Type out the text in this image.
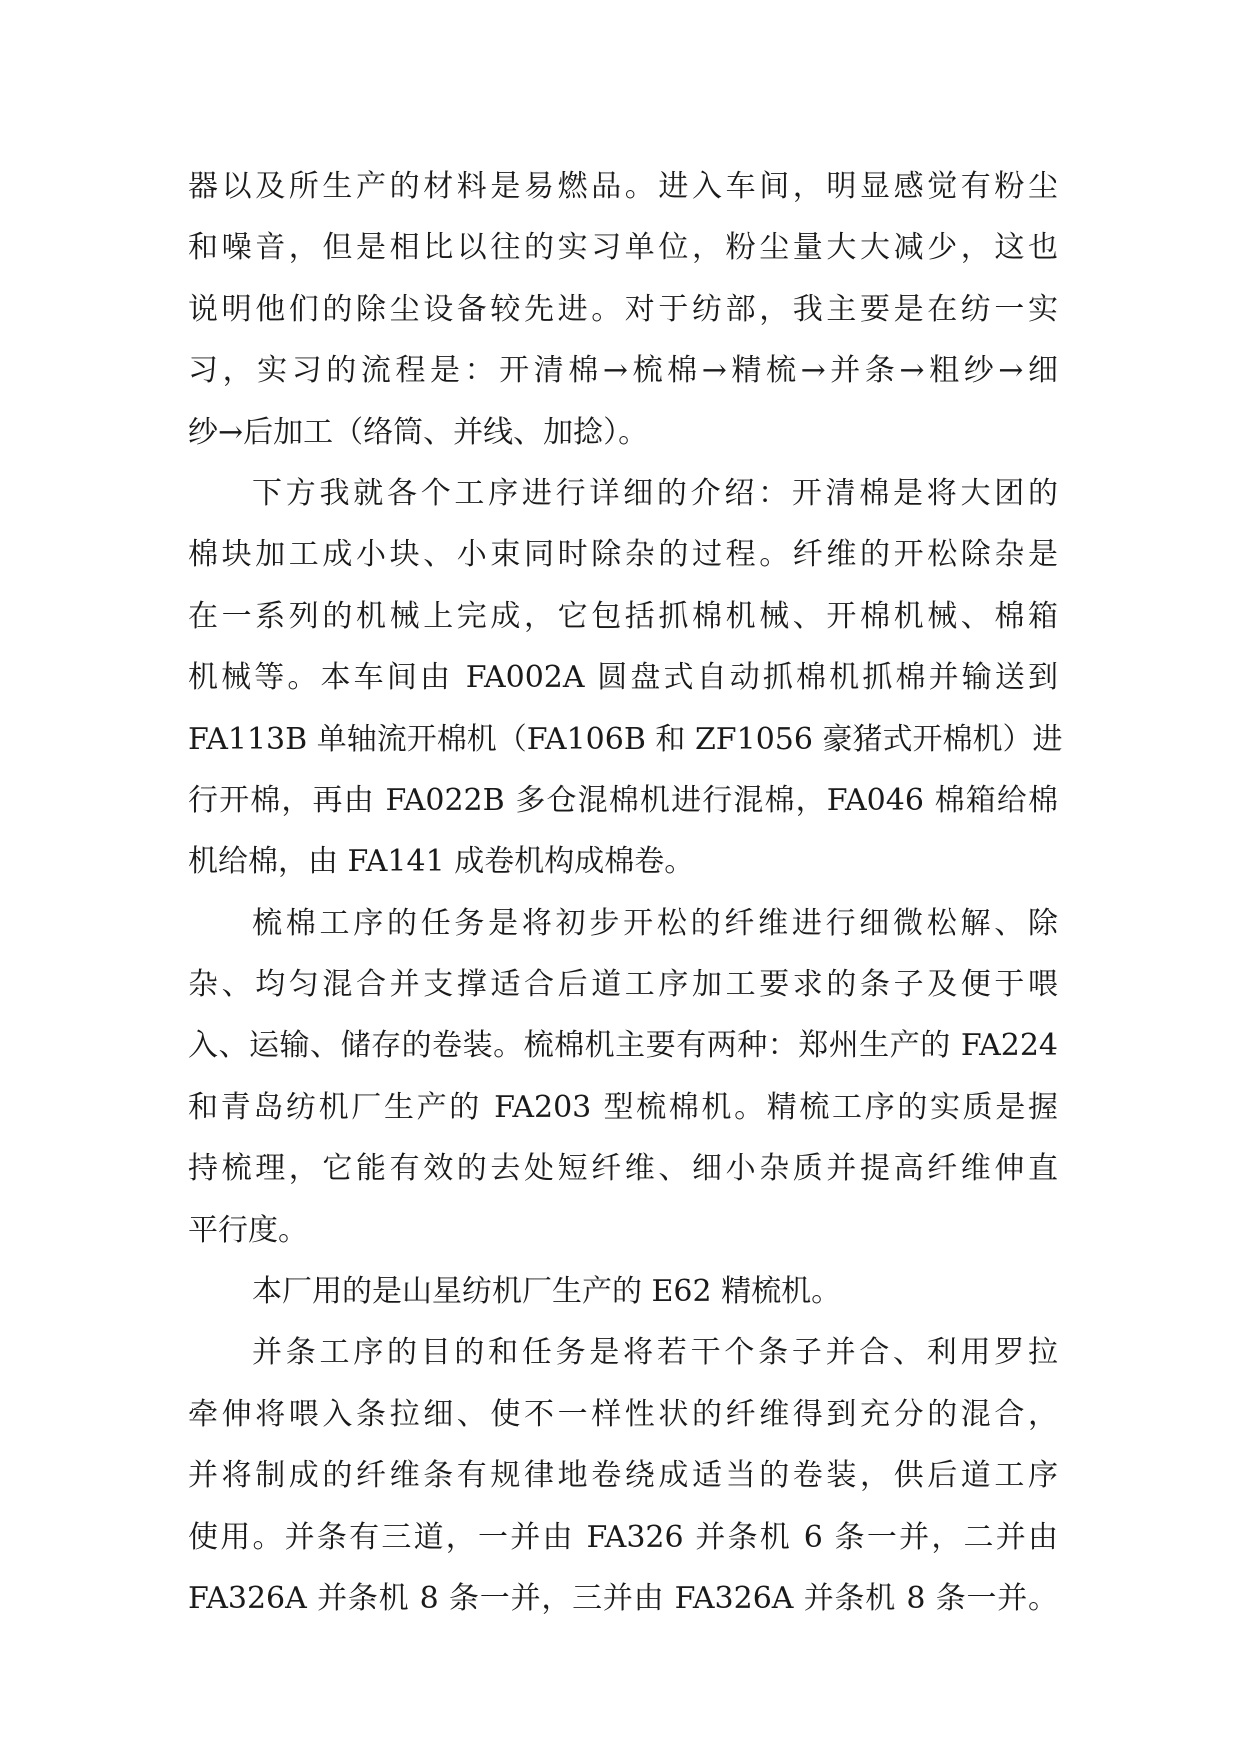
器以及所生产的材料是易燃品。进入车间，明显感觉有粉尘
和噪音，但是相比以往的实习单位，粉尘量大大减少，这也
说明他们的除尘设备较先进。对于纺部，我主要是在纺一实
习，实习的流程是：开清棉→梳棉→精梳→并条→粗纱→细
纱→后加工（络筒、并线、加捻）。
下方我就各个工序进行详细的介绍：开清棉是将大团的
棉块加工成小块、小束同时除杂的过程。纤维的开松除杂是
在一系列的机械上完成，它包括抓棉机械、开棉机械、棉箱
机械等。本车间由 FA002A 圆盘式自动抓棉机抓棉并输送到
FA113B 单轴流开棉机（FA106B 和 ZF1056 豪猪式开棉机）进
行开棉，再由 FA022B 多仓混棉机进行混棉，FA046 棉箱给棉
机给棉，由 FA141 成卷机构成棉卷。
梳棉工序的任务是将初步开松的纤维进行细微松解、除
杂、均匀混合并支撑适合后道工序加工要求的条子及便于喂
入、运输、储存的卷装。梳棉机主要有两种：郑州生产的 FA224
和青岛纺机厂生产的 FA203 型梳棉机。精梳工序的实质是握
持梳理，它能有效的去处短纤维、细小杂质并提高纤维伸直
平行度。
本厂用的是山星纺机厂生产的 E62 精梳机。
并条工序的目的和任务是将若干个条子并合、利用罗拉
牵伸将喂入条拉细、使不一样性状的纤维得到充分的混合，
并将制成的纤维条有规律地卷绕成适当的卷装，供后道工序
使用。并条有三道，一并由 FA326 并条机 6 条一并，二并由
FA326A 并条机 8 条一并，三并由 FA326A 并条机 8 条一并。
